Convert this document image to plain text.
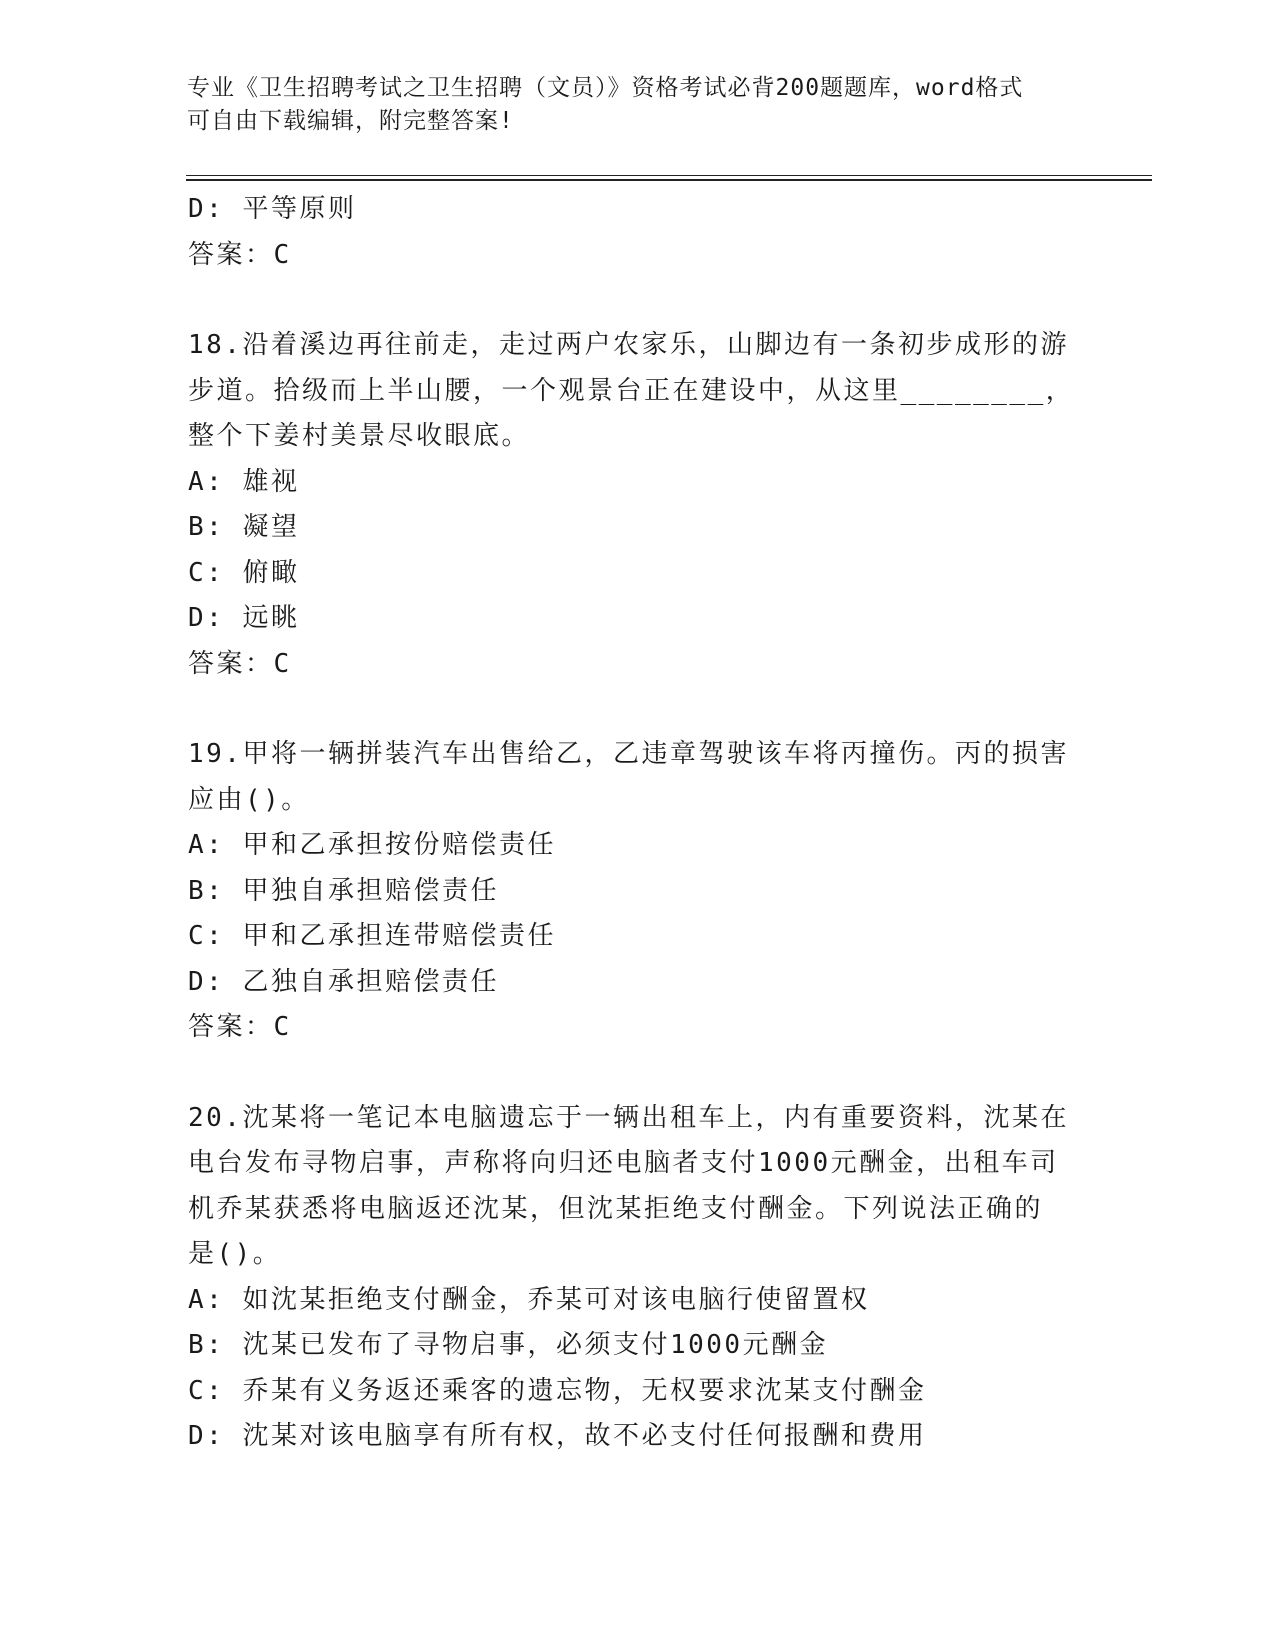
专业《卫生招聘考试之卫生招聘（文员）》资格考试必背200题题库，word格式
可自由下载编辑，附完整答案!
D: 平等原则
答案：C
18.沿着溪边再往前走，走过两户农家乐，山脚边有一条初步成形的游
步道。拾级而上半山腰，一个观景台正在建设中，从这里________，
整个下姜村美景尽收眼底。
A: 雄视
B: 凝望
C: 俯瞰
D: 远眺
答案：C
19.甲将一辆拼装汽车出售给乙，乙违章驾驶该车将丙撞伤。丙的损害
应由()。
A: 甲和乙承担按份赔偿责任
B: 甲独自承担赔偿责任
C: 甲和乙承担连带赔偿责任
D: 乙独自承担赔偿责任
答案：C
20.沈某将一笔记本电脑遗忘于一辆出租车上，内有重要资料，沈某在
电台发布寻物启事，声称将向归还电脑者支付1000元酬金，出租车司
机乔某获悉将电脑返还沈某，但沈某拒绝支付酬金。下列说法正确的
是()。
A: 如沈某拒绝支付酬金，乔某可对该电脑行使留置权
B: 沈某已发布了寻物启事，必须支付1000元酬金
C: 乔某有义务返还乘客的遗忘物，无权要求沈某支付酬金
D: 沈某对该电脑享有所有权，故不必支付任何报酬和费用
